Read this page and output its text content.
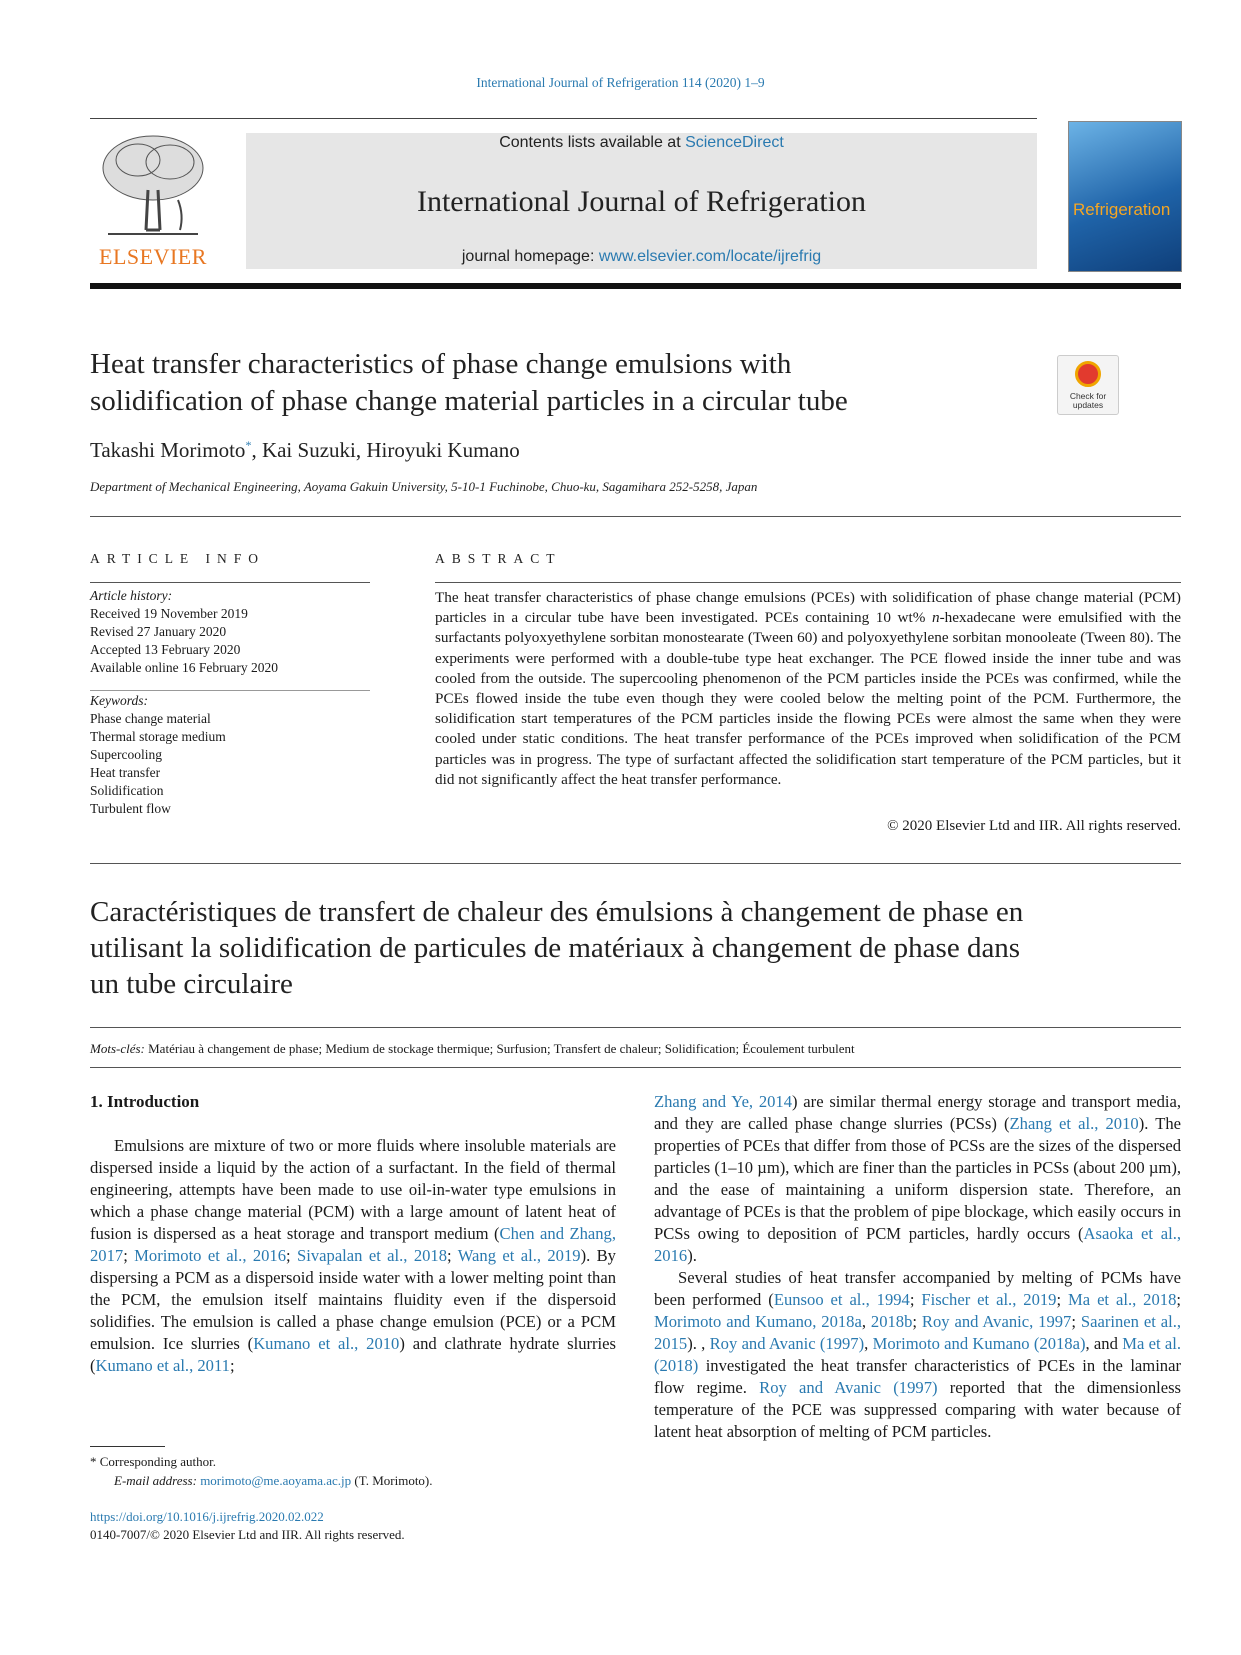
International Journal of Refrigeration 114 (2020) 1–9
ELSEVIER
Contents lists available at ScienceDirect
International Journal of Refrigeration
journal homepage: www.elsevier.com/locate/ijrefrig
Refrigeration
Heat transfer characteristics of phase change emulsions with
solidification of phase change material particles in a circular tube	Check for updates
Takashi Morimoto*, Kai Suzuki, Hiroyuki Kumano
Department of Mechanical Engineering, Aoyama Gakuin University, 5-10-1 Fuchinobe, Chuo-ku, Sagamihara 252-5258, Japan
ARTICLE INFO
Article history:
Received 19 November 2019
Revised 27 January 2020
Accepted 13 February 2020
Available online 16 February 2020
Keywords:
Phase change material
Thermal storage medium
Supercooling
Heat transfer
Solidification
Turbulent flow
ABSTRACT
The heat transfer characteristics of phase change emulsions (PCEs) with solidification of phase change material (PCM) particles in a circular tube have been investigated. PCEs containing 10 wt% n-hexadecane were emulsified with the surfactants polyoxyethylene sorbitan monostearate (Tween 60) and polyoxyethylene sorbitan monooleate (Tween 80). The experiments were performed with a double-tube type heat exchanger. The PCE flowed inside the inner tube and was cooled from the outside. The supercooling phenomenon of the PCM particles inside the PCEs was confirmed, while the PCEs flowed inside the tube even though they were cooled below the melting point of the PCM. Furthermore, the solidification start temperatures of the PCM particles inside the flowing PCEs were almost the same when they were cooled under static conditions. The heat transfer performance of the PCEs improved when solidification of the PCM particles was in progress. The type of surfactant affected the solidification start temperature of the PCM particles, but it did not significantly affect the heat transfer performance.
© 2020 Elsevier Ltd and IIR. All rights reserved.
Caractéristiques de transfert de chaleur des émulsions à changement de phase en
utilisant la solidification de particules de matériaux à changement de phase dans
un tube circulaire
Mots-clés: Matériau à changement de phase; Medium de stockage thermique; Surfusion; Transfert de chaleur; Solidification; Écoulement turbulent
1. Introduction

Emulsions are mixture of two or more fluids where insoluble materials are dispersed inside a liquid by the action of a surfactant. In the field of thermal engineering, attempts have been made to use oil-in-water type emulsions in which a phase change material (PCM) with a large amount of latent heat of fusion is dispersed as a heat storage and transport medium (Chen and Zhang, 2017; Morimoto et al., 2016; Sivapalan et al., 2018; Wang et al., 2019). By dispersing a PCM as a dispersoid inside water with a lower melting point than the PCM, the emulsion itself maintains fluidity even if the dispersoid solidifies. The emulsion is called a phase change emulsion (PCE) or a PCM emulsion. Ice slurries (Kumano et al., 2010) and clathrate hydrate slurries (Kumano et al., 2011;

Zhang and Ye, 2014) are similar thermal energy storage and transport media, and they are called phase change slurries (PCSs) (Zhang et al., 2010). The properties of PCEs that differ from those of PCSs are the sizes of the dispersed particles (1–10 µm), which are finer than the particles in PCSs (about 200 µm), and the ease of maintaining a uniform dispersion state. Therefore, an advantage of PCEs is that the problem of pipe blockage, which easily occurs in PCSs owing to deposition of PCM particles, hardly occurs (Asaoka et al., 2016).

Several studies of heat transfer accompanied by melting of PCMs have been performed (Eunsoo et al., 1994; Fischer et al., 2019; Ma et al., 2018; Morimoto and Kumano, 2018a, 2018b; Roy and Avanic, 1997; Saarinen et al., 2015). , Roy and Avanic (1997), Morimoto and Kumano (2018a), and Ma et al. (2018) investigated the heat transfer characteristics of PCEs in the laminar flow regime. Roy and Avanic (1997) reported that the dimensionless temperature of the PCE was suppressed comparing with water because of latent heat absorption of melting of PCM particles.

* Corresponding author.
E-mail address: morimoto@me.aoyama.ac.jp (T. Morimoto).
https://doi.org/10.1016/j.ijrefrig.2020.02.022
0140-7007/© 2020 Elsevier Ltd and IIR. All rights reserved.
